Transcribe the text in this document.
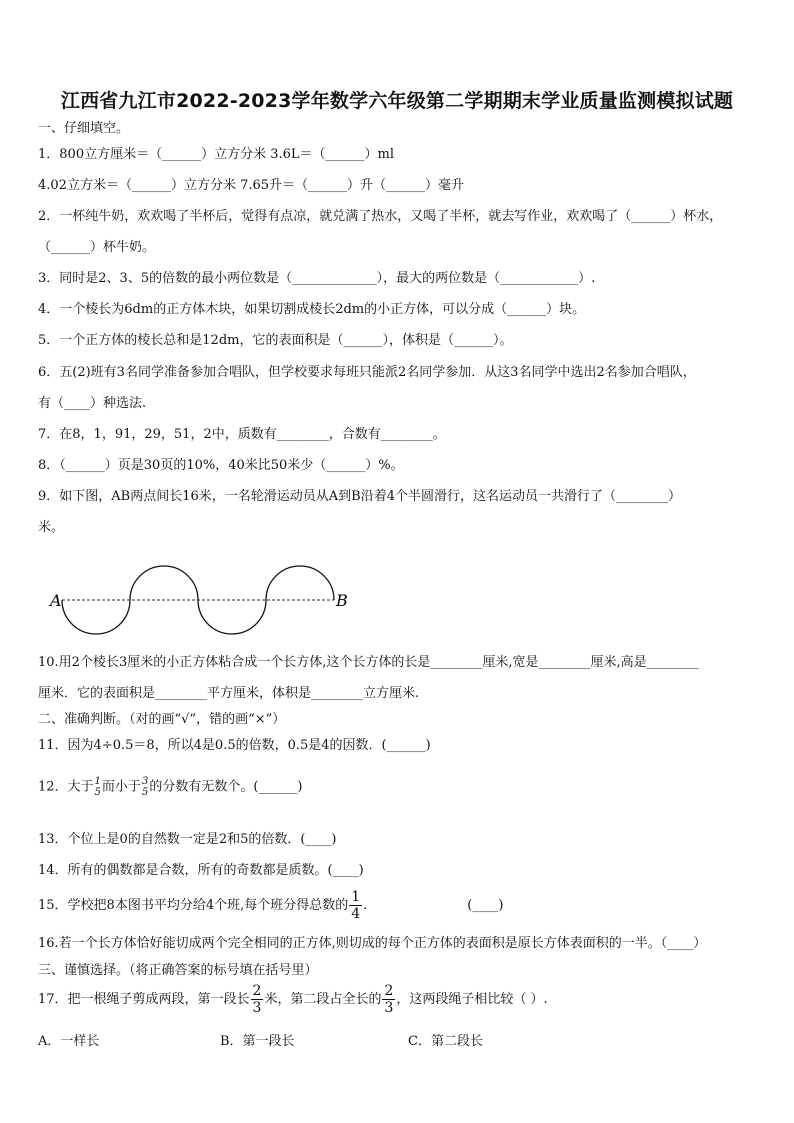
江西省九江市2022-2023学年数学六年级第二学期期末学业质量监测模拟试题
一、仔细填空。
1．800立方厘米＝（______）立方分米 3.6L＝（______）ml
4.02立方米＝（______）立方分米 7.65升＝（______）升（______）毫升
2．一杯纯牛奶，欢欢喝了半杯后，觉得有点凉，就兑满了热水，又喝了半杯，就去写作业，欢欢喝了（______）杯水，
（______）杯牛奶。
3．同时是2、3、5的倍数的最小两位数是（_____________），最大的两位数是（____________）.
4．一个棱长为6dm的正方体木块，如果切割成棱长2dm的小正方体，可以分成（______）块。
5．一个正方体的棱长总和是12dm，它的表面积是（______），体积是（______）。
6．五(2)班有3名同学准备参加合唱队，但学校要求每班只能派2名同学参加．从这3名同学中选出2名参加合唱队，
有（____）种选法.
7．在8，1，91，29，51，2中，质数有________，合数有________。
8．（______）页是30页的10%，40米比50米少（______）%。
9．如下图，AB两点间长16米，一名轮滑运动员从A到B沿着4个半圆滑行，这名运动员一共滑行了（________）
米。
A	B
10.用2个棱长3厘米的小正方体粘合成一个长方体,这个长方体的长是________厘米,宽是________厘米,高是________
厘米．它的表面积是________平方厘米，体积是________立方厘米.
二、准确判断。（对的画“√”，错的画“×”）
11．因为4÷0.5＝8，所以4是0.5的倍数，0.5是4的因数．(______)
12．大于 1
5 而小于 3
5 的分数有无数个。(______)
13．个位上是0的自然数一定是2和5的倍数．(____)
14．所有的偶数都是合数，所有的奇数都是质数。(____)
15．学校把8本图书平均分给4个班,每个班分得总数的 $\frac{1}{4}$ .	(____)
16.若一个长方体恰好能切成两个完全相同的正方体,则切成的每个正方体的表面积是原长方体表面积的一半。（____）
三、谨慎选择。（将正确答案的标号填在括号里）
17．把一根绳子剪成两段，第一段长 $\frac{2}{3}$ 米，第二段占全长的 $\frac{2}{3}$ ，这两段绳子相比较（ ）.
A．一样长	B．第一段长	C．第二段长
